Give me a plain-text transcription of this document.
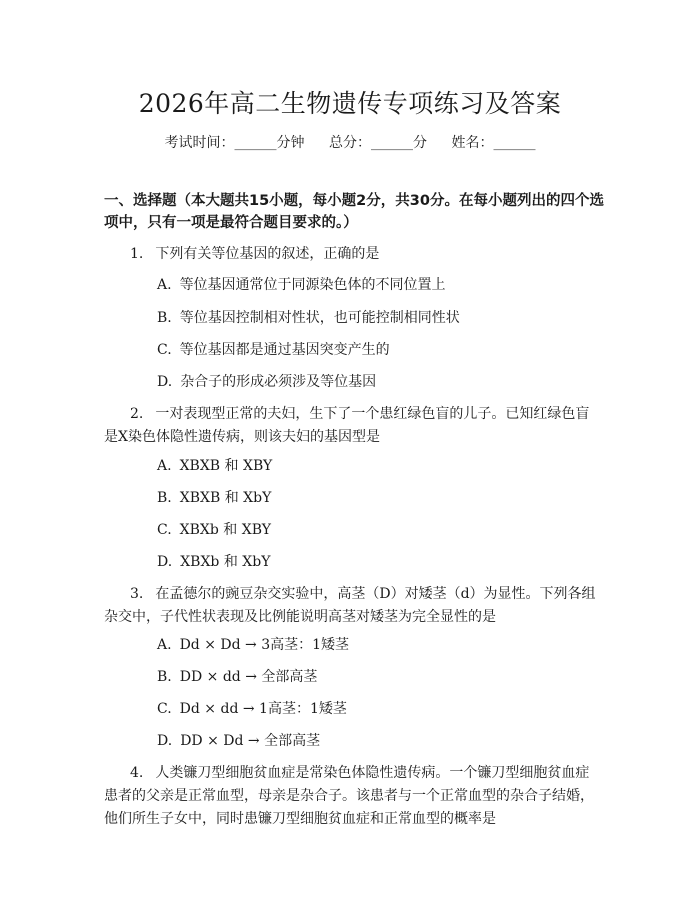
2026年高二生物遗传专项练习及答案
考试时间：______分钟 总分：______分 姓名：______
一、选择题（本大题共15小题，每小题2分，共30分。在每小题列出的四个选项中，只有一项是最符合题目要求的。）
1. 下列有关等位基因的叙述，正确的是
A. 等位基因通常位于同源染色体的不同位置上
B. 等位基因控制相对性状，也可能控制相同性状
C. 等位基因都是通过基因突变产生的
D. 杂合子的形成必须涉及等位基因
2. 一对表现型正常的夫妇，生下了一个患红绿色盲的儿子。已知红绿色盲是X染色体隐性遗传病，则该夫妇的基因型是
A. XBXB 和 XBY
B. XBXB 和 XbY
C. XBXb 和 XBY
D. XBXb 和 XbY
3. 在孟德尔的豌豆杂交实验中，高茎（D）对矮茎（d）为显性。下列各组杂交中，子代性状表现及比例能说明高茎对矮茎为完全显性的是
A. Dd × Dd → 3高茎：1矮茎
B. DD × dd → 全部高茎
C. Dd × dd → 1高茎：1矮茎
D. DD × Dd → 全部高茎
4. 人类镰刀型细胞贫血症是常染色体隐性遗传病。一个镰刀型细胞贫血症患者的父亲是正常血型，母亲是杂合子。该患者与一个正常血型的杂合子结婚，他们所生子女中，同时患镰刀型细胞贫血症和正常血型的概率是
